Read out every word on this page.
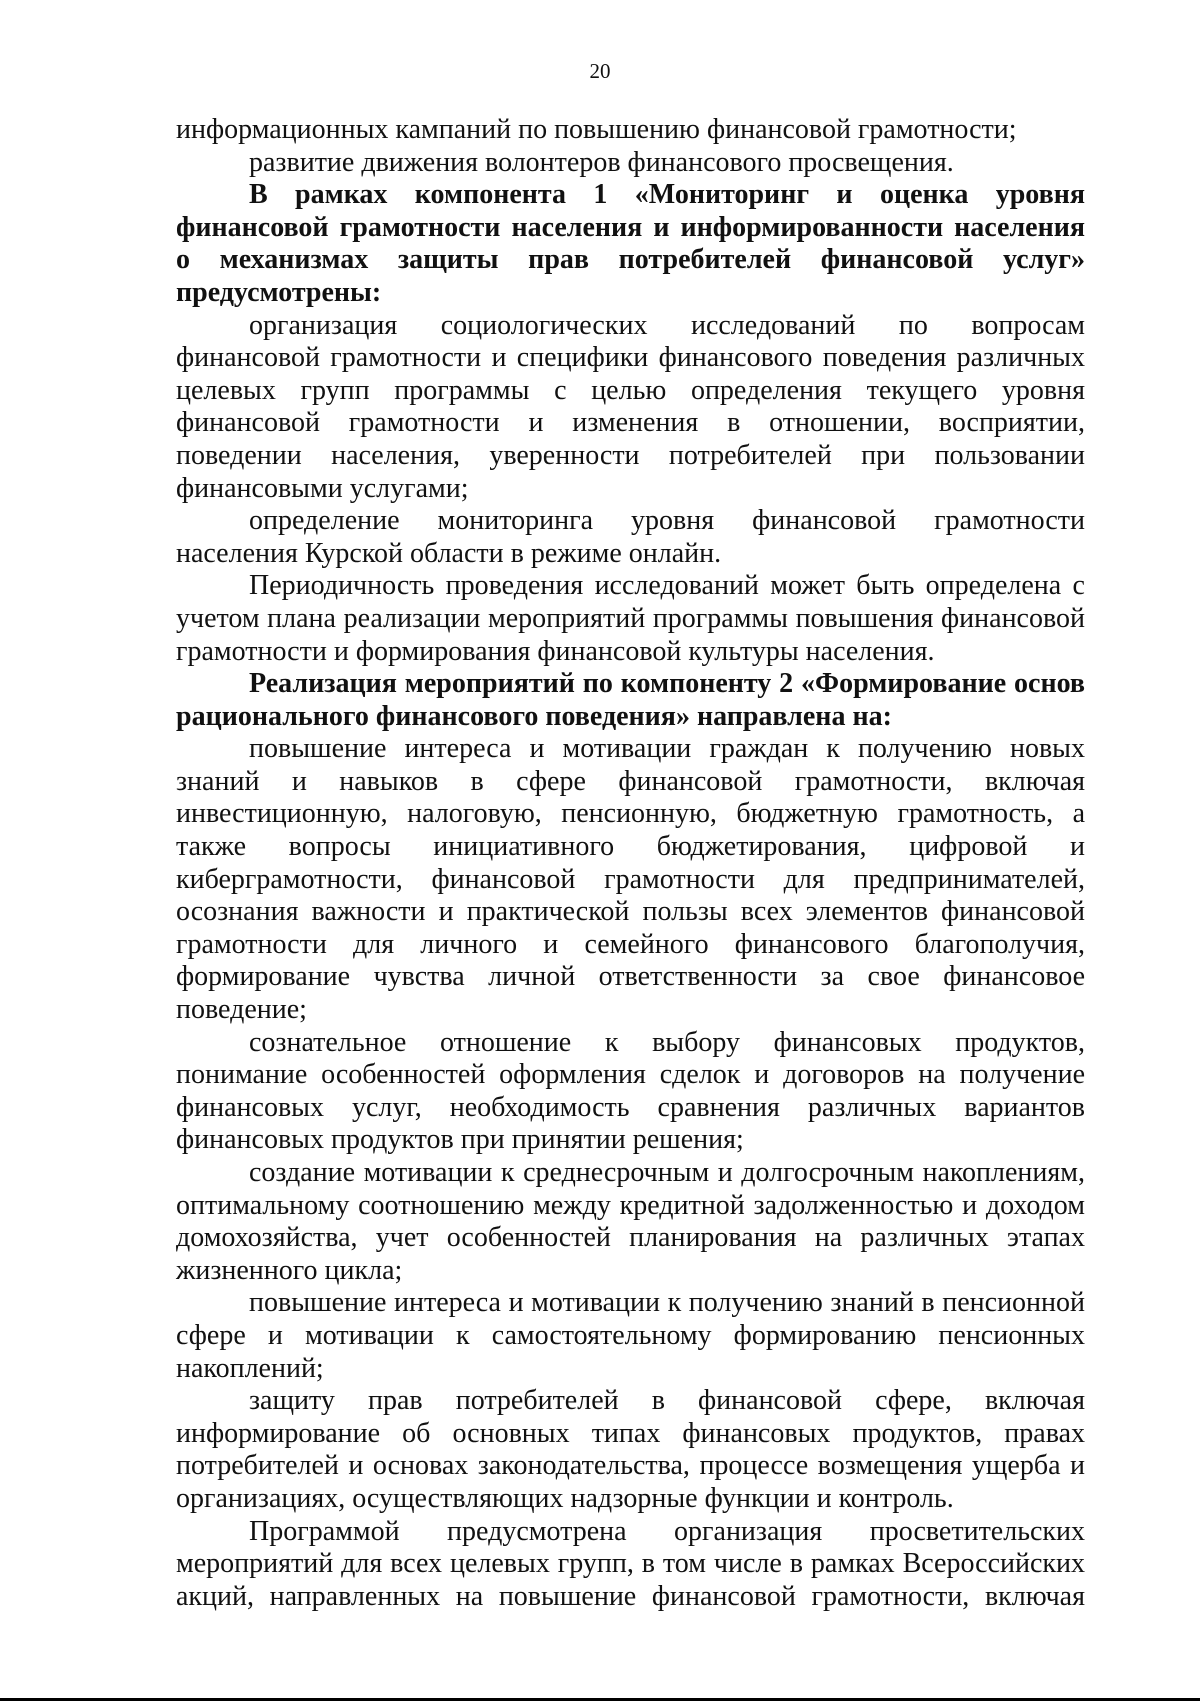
20

информационных кампаний по повышению финансовой грамотности;

развитие движения волонтеров финансового просвещения.

В рамках компонента 1 «Мониторинг и оценка уровня финансовой грамотности населения и информированности населения о механизмах защиты прав потребителей финансовой услуг» предусмотрены:

организация социологических исследований по вопросам финансовой грамотности и специфики финансового поведения различных целевых групп программы с целью определения текущего уровня финансовой грамотности и изменения в отношении, восприятии, поведении населения, уверенности потребителей при пользовании финансовыми услугами;

определение мониторинга уровня финансовой грамотности населения Курской области в режиме онлайн.

Периодичность проведения исследований может быть определена с учетом плана реализации мероприятий программы повышения финансовой грамотности и формирования финансовой культуры населения.

Реализация мероприятий по компоненту 2 «Формирование основ рационального финансового поведения» направлена на:

повышение интереса и мотивации граждан к получению новых знаний и навыков в сфере финансовой грамотности, включая инвестиционную, налоговую, пенсионную, бюджетную грамотность, а также вопросы инициативного бюджетирования, цифровой и киберграмотности, финансовой грамотности для предпринимателей, осознания важности и практической пользы всех элементов финансовой грамотности для личного и семейного финансового благополучия, формирование чувства личной ответственности за свое финансовое поведение;

сознательное отношение к выбору финансовых продуктов, понимание особенностей оформления сделок и договоров на получение финансовых услуг, необходимость сравнения различных вариантов финансовых продуктов при принятии решения;

создание мотивации к среднесрочным и долгосрочным накоплениям, оптимальному соотношению между кредитной задолженностью и доходом домохозяйства, учет особенностей планирования на различных этапах жизненного цикла;

повышение интереса и мотивации к получению знаний в пенсионной сфере и мотивации к самостоятельному формированию пенсионных накоплений;

защиту прав потребителей в финансовой сфере, включая информирование об основных типах финансовых продуктов, правах потребителей и основах законодательства, процессе возмещения ущерба и организациях, осуществляющих надзорные функции и контроль.

Программой предусмотрена организация просветительских мероприятий для всех целевых групп, в том числе в рамках Всероссийских акций, направленных на повышение финансовой грамотности, включая
